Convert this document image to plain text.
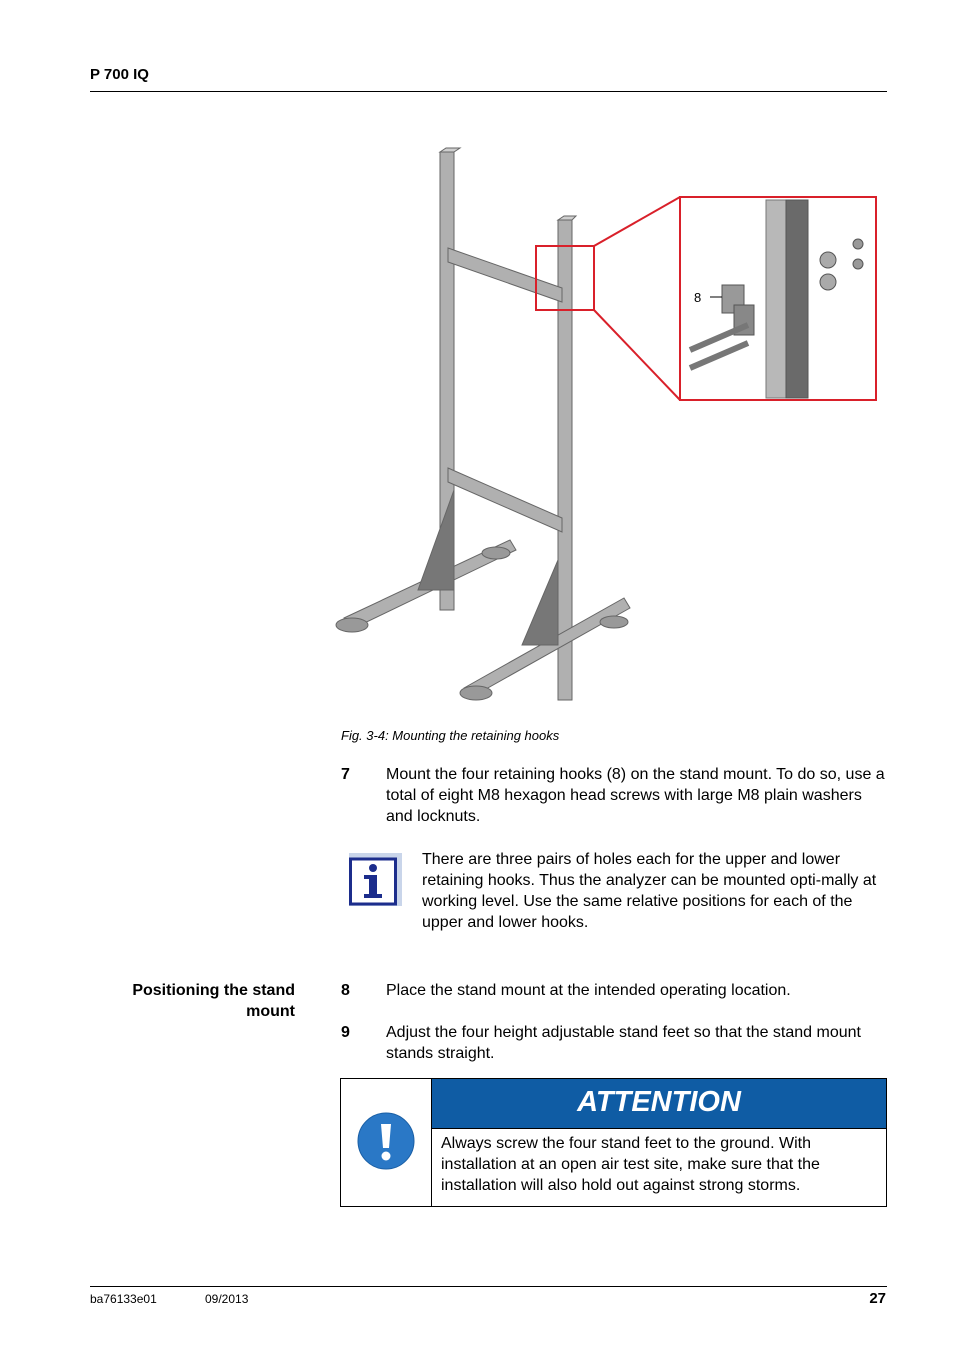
P 700 IQ
8
Fig. 3-4: Mounting the retaining hooks
7 Mount the four retaining hooks (8) on the stand mount. To do so, use a total of eight M8 hexagon head screws with large M8 plain washers and locknuts.
There are three pairs of holes each for the upper and lower retaining hooks. Thus the analyzer can be mounted opti-mally at working level. Use the same relative positions for each of the upper and lower hooks.
Positioning the stand mount
8 Place the stand mount at the intended operating location.
9 Adjust the four height adjustable stand feet so that the stand mount stands straight.
ATTENTION
Always screw the four stand feet to the ground. With installation at an open air test site, make sure that the installation will also hold out against strong storms.
ba76133e01	09/2013	27
